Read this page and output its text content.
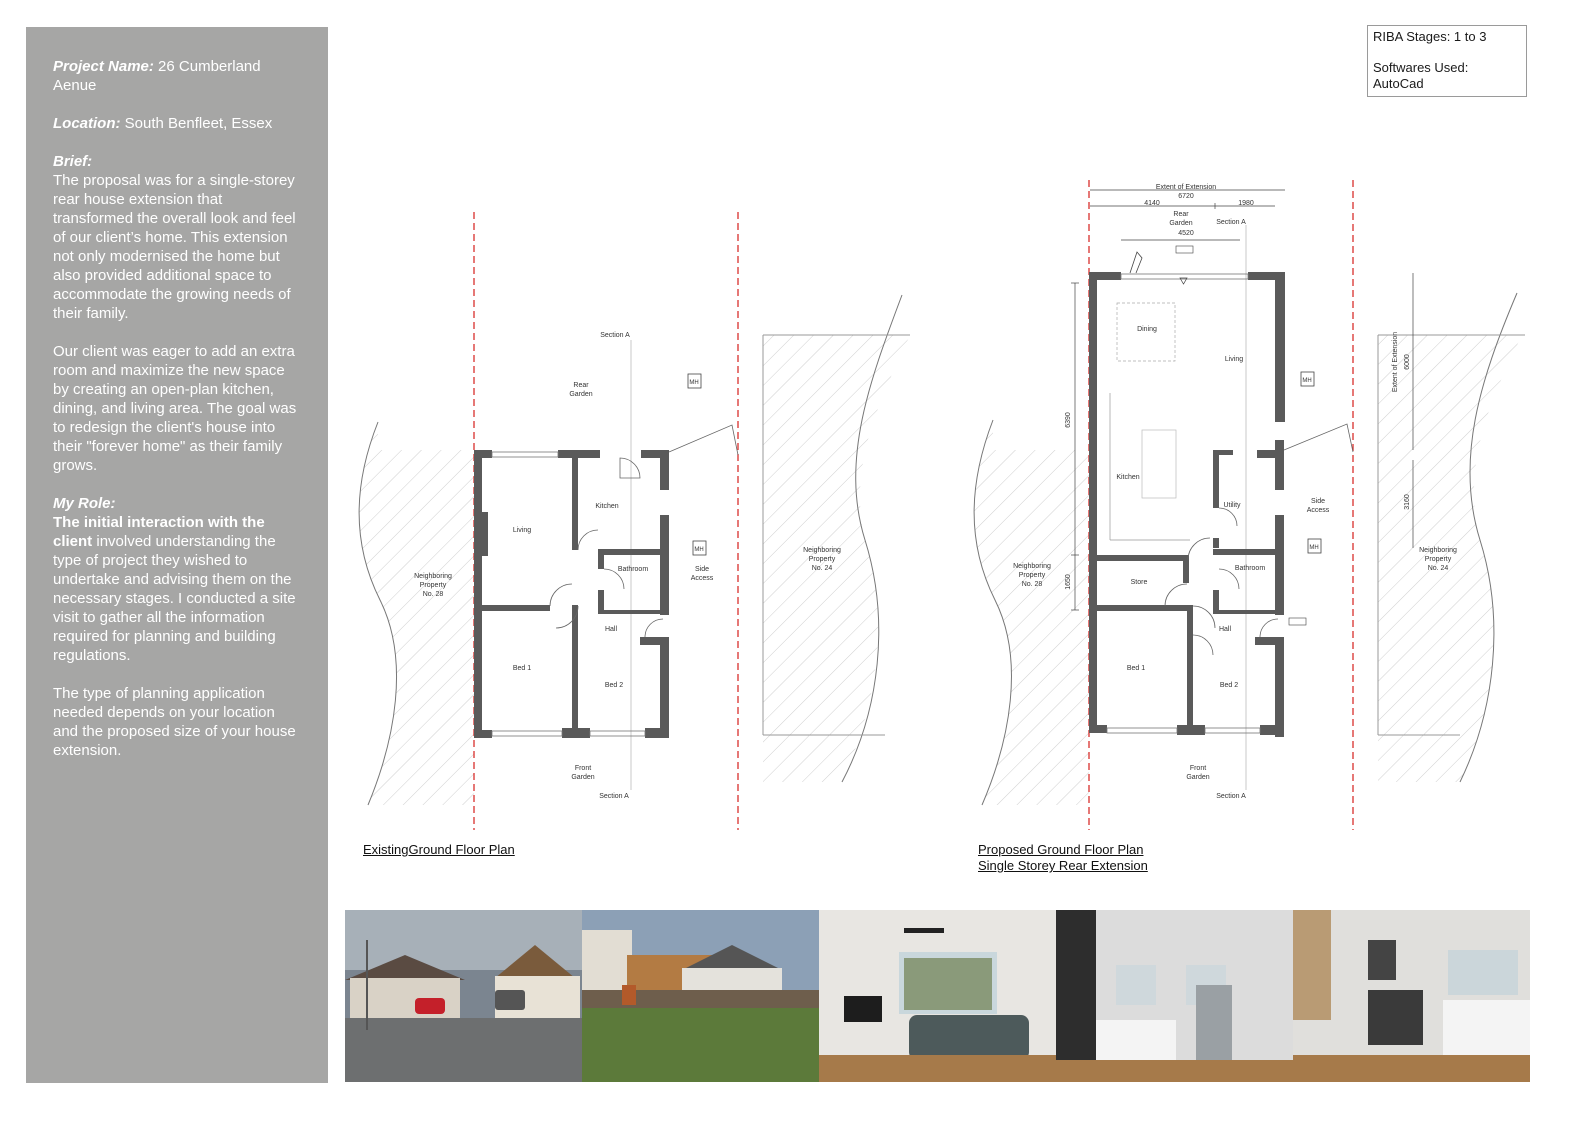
Project Name: 26 Cumberland Aenue

Location: South Benfleet, Essex

Brief:

The proposal was for a single-storey rear house extension that transformed the overall look and feel of our client’s home. This extension not only modernised the home but also provided additional space to accommodate the growing needs of their family.

Our client was eager to add an extra room and maximize the new space by creating an open-plan kitchen, dining, and living area. The goal was to redesign the client's house into their "forever home" as their family grows.

My Role:

The initial interaction with the client involved understanding the type of project they wished to undertake and advising them on the necessary stages. I conducted a site visit to gather all the information required for planning and building regulations.

The type of planning application needed depends on your location and the proposed size of your house extension.

RIBA Stages: 1 to 3
Softwares Used:
AutoCad
Section A
Section A
Rear
Garden
Front
Garden
Living
Kitchen
Bathroom
Hall
Bed 1
Bed 2
Side
Access
MH
MH
Neighboring
Property
No. 28
Neighboring
Property
No. 24
Extent of Extension
6720
4140	1980
Rear
Garden	Section A
4520
Dining
Living
Kitchen
Utility
Store
Bathroom
Hall
Bed 1
Bed 2
Front
Garden
Section A
Side
Access
MH
MH
6390
1650
Neighboring
Property
No. 28
Extent of Extension 6000
3160
Neighboring
Property
No. 24
ExistingGround Floor Plan	Proposed Ground Floor Plan
Single Storey Rear Extension
